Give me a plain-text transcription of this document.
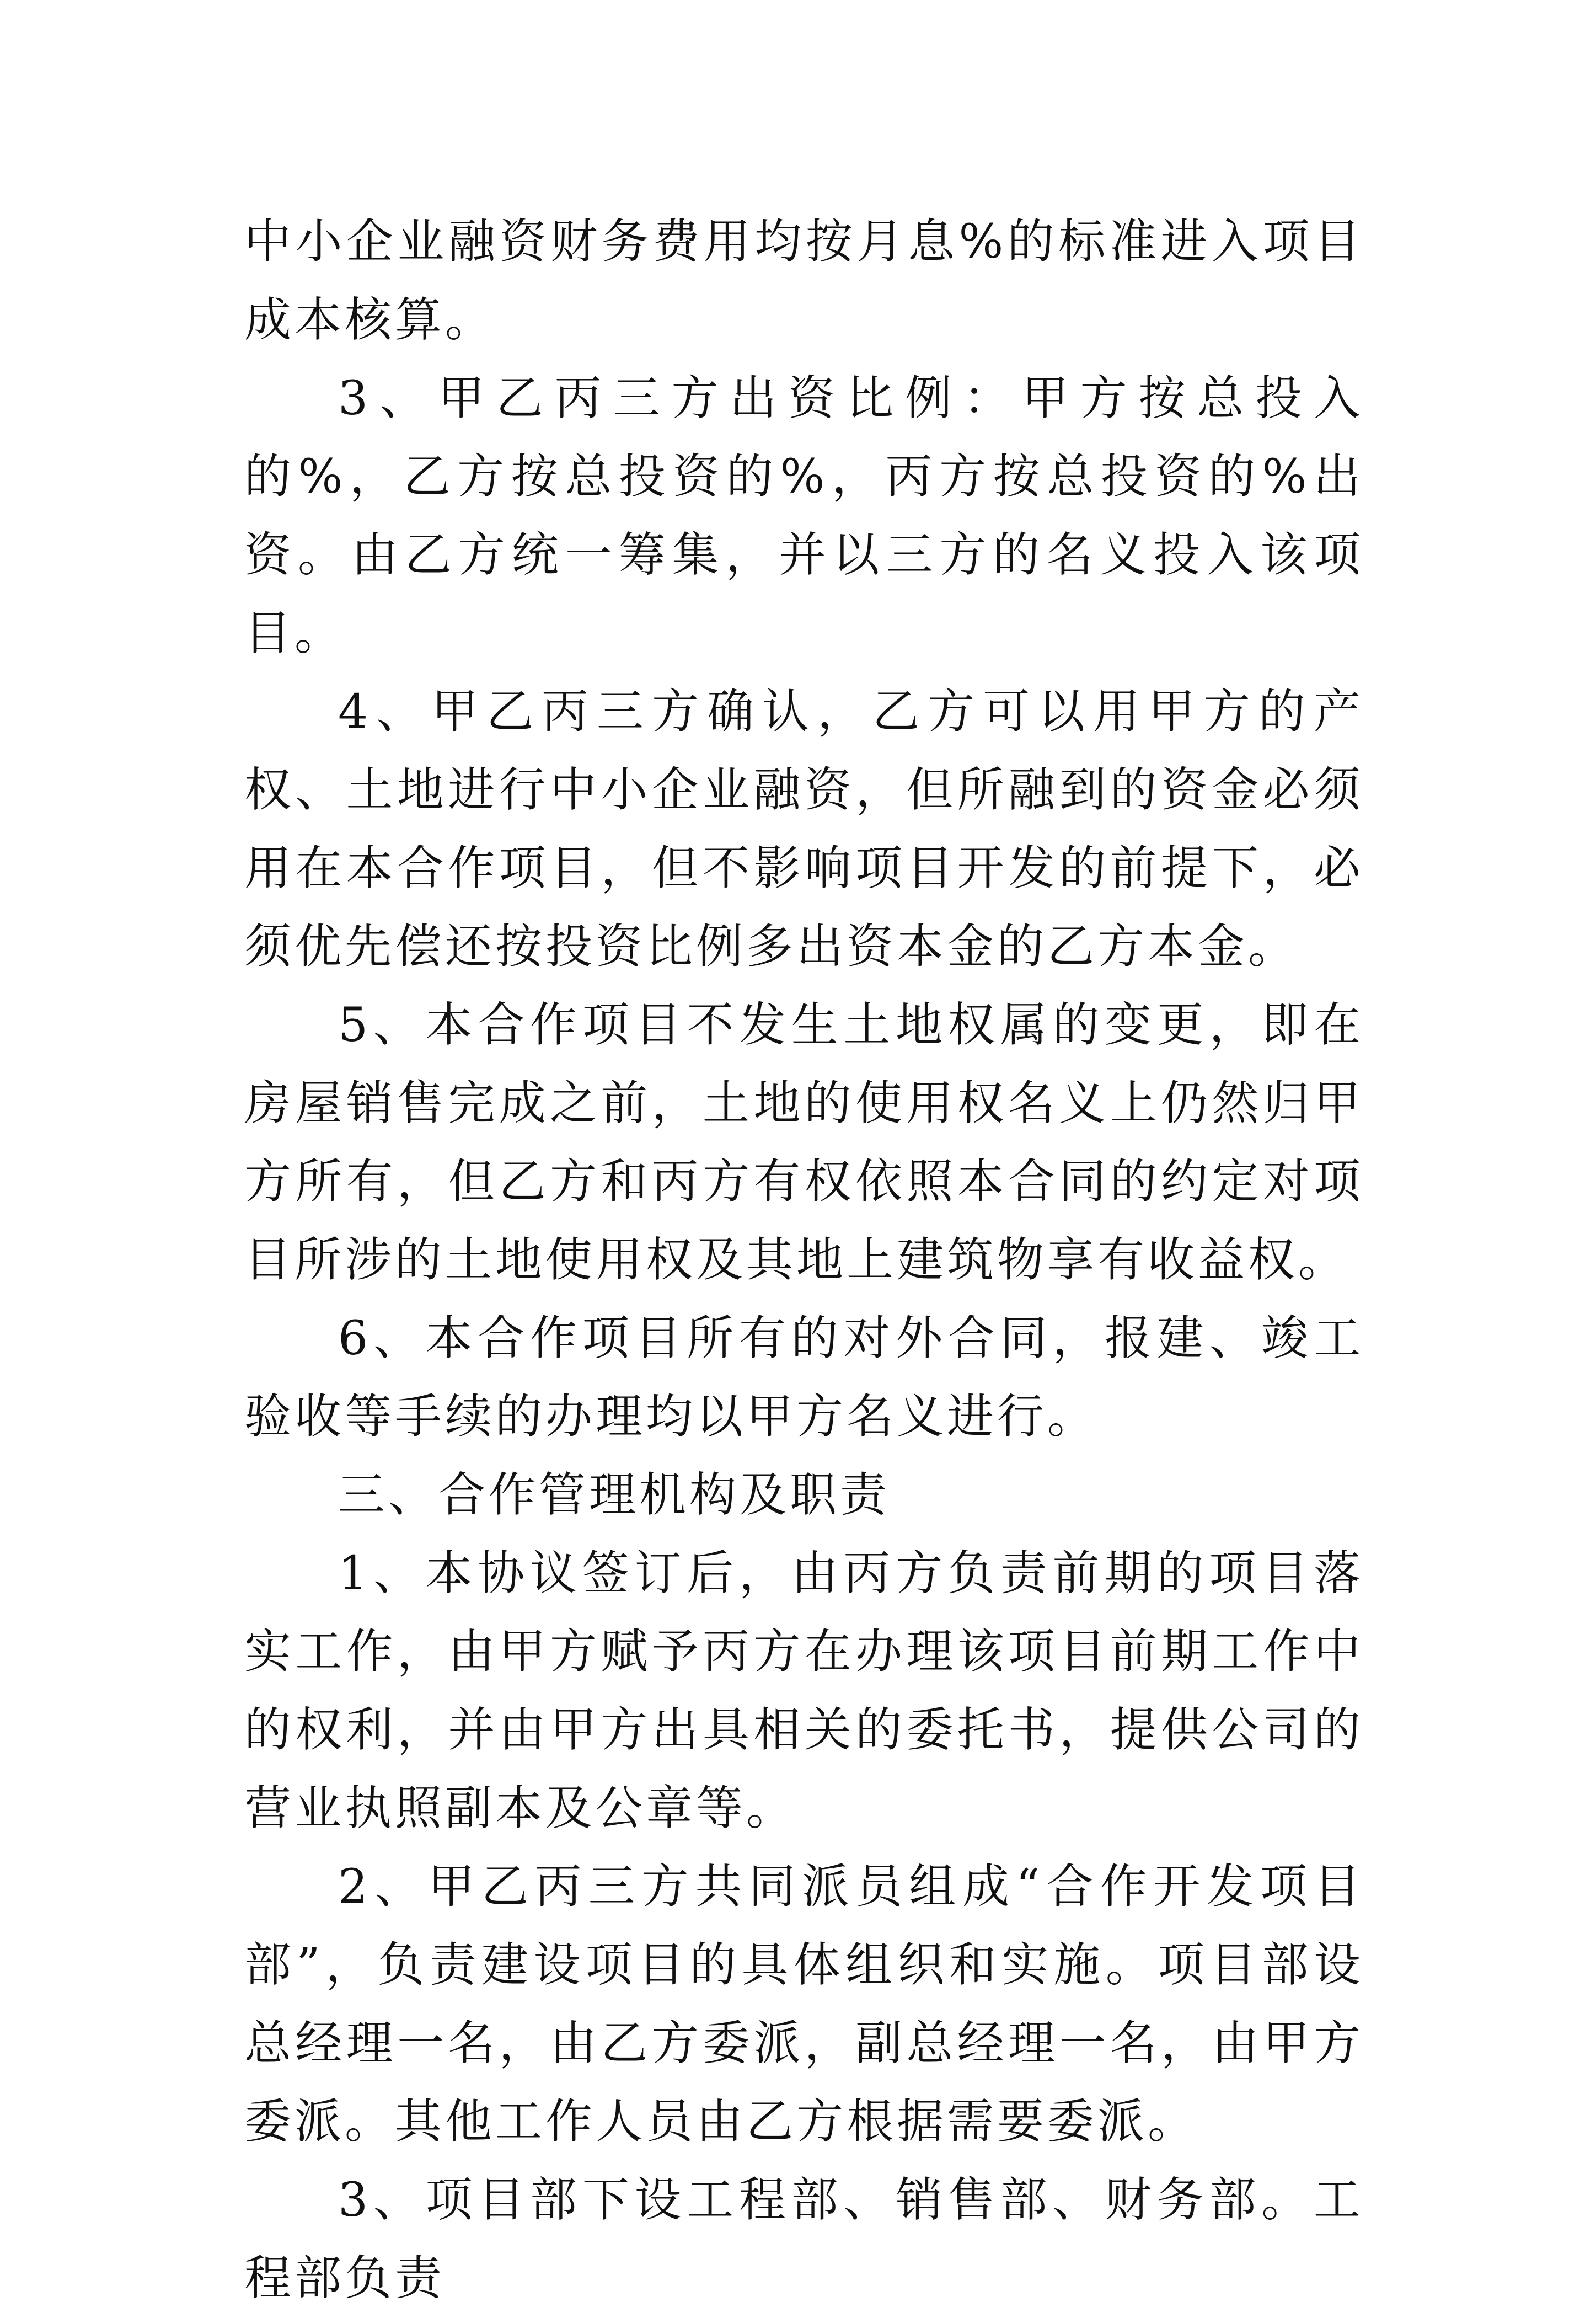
中小企业融资财务费用均按月息%的标准进入项目成本核算。

3、甲乙丙三方出资比例：甲方按总投入的%，乙方按总投资的%，丙方按总投资的%出资。由乙方统一筹集，并以三方的名义投入该项目。

4、甲乙丙三方确认，乙方可以用甲方的产权、土地进行中小企业融资，但所融到的资金必须用在本合作项目，但不影响项目开发的前提下，必须优先偿还按投资比例多出资本金的乙方本金。

5、本合作项目不发生土地权属的变更，即在房屋销售完成之前，土地的使用权名义上仍然归甲方所有，但乙方和丙方有权依照本合同的约定对项目所涉的土地使用权及其地上建筑物享有收益权。

6、本合作项目所有的对外合同，报建、竣工验收等手续的办理均以甲方名义进行。

三、合作管理机构及职责

1、本协议签订后，由丙方负责前期的项目落实工作，由甲方赋予丙方在办理该项目前期工作中的权利，并由甲方出具相关的委托书，提供公司的营业执照副本及公章等。

2、甲乙丙三方共同派员组成“合作开发项目部”，负责建设项目的具体组织和实施。项目部设总经理一名，由乙方委派，副总经理一名，由甲方委派。其他工作人员由乙方根据需要委派。

3、项目部下设工程部、销售部、财务部。工程部负责
